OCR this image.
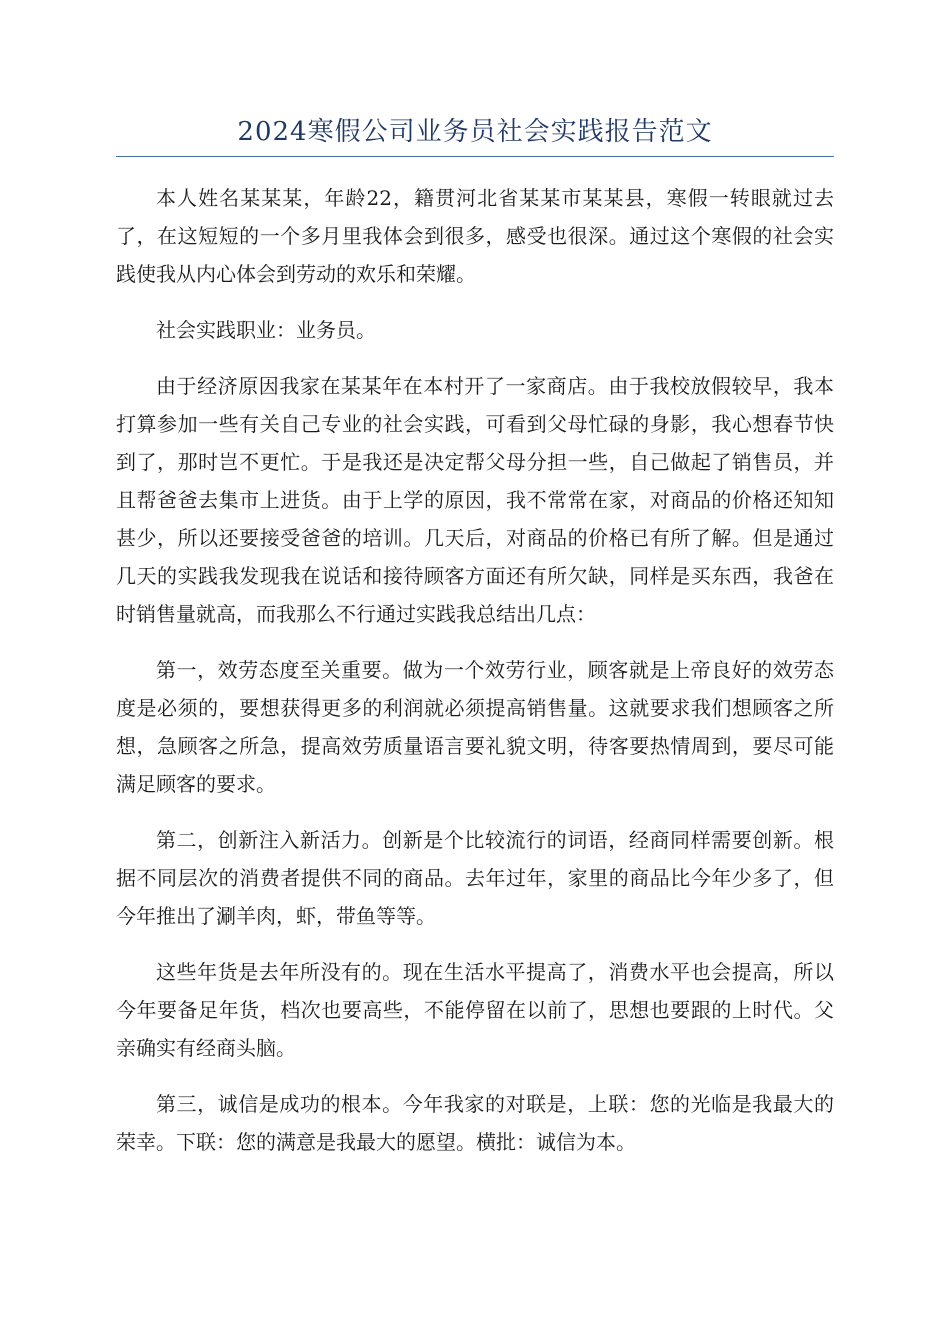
2024寒假公司业务员社会实践报告范文

本人姓名某某某，年龄22，籍贯河北省某某市某某县，寒假一转眼就过去了，在这短短的一个多月里我体会到很多，感受也很深。通过这个寒假的社会实践使我从内心体会到劳动的欢乐和荣耀。

社会实践职业：业务员。

由于经济原因我家在某某年在本村开了一家商店。由于我校放假较早，我本打算参加一些有关自己专业的社会实践，可看到父母忙碌的身影，我心想春节快到了，那时岂不更忙。于是我还是决定帮父母分担一些，自己做起了销售员，并且帮爸爸去集市上进货。由于上学的原因，我不常常在家，对商品的价格还知知甚少，所以还要接受爸爸的培训。几天后，对商品的价格已有所了解。但是通过几天的实践我发现我在说话和接待顾客方面还有所欠缺，同样是买东西，我爸在时销售量就高，而我那么不行通过实践我总结出几点：

第一，效劳态度至关重要。做为一个效劳行业，顾客就是上帝良好的效劳态度是必须的，要想获得更多的利润就必须提高销售量。这就要求我们想顾客之所想，急顾客之所急，提高效劳质量语言要礼貌文明，待客要热情周到，要尽可能满足顾客的要求。

第二，创新注入新活力。创新是个比较流行的词语，经商同样需要创新。根据不同层次的消费者提供不同的商品。去年过年，家里的商品比今年少多了，但今年推出了涮羊肉，虾，带鱼等等。

这些年货是去年所没有的。现在生活水平提高了，消费水平也会提高，所以今年要备足年货，档次也要高些，不能停留在以前了，思想也要跟的上时代。父亲确实有经商头脑。

第三，诚信是成功的根本。今年我家的对联是，上联：您的光临是我最大的荣幸。下联：您的满意是我最大的愿望。横批：诚信为本。
